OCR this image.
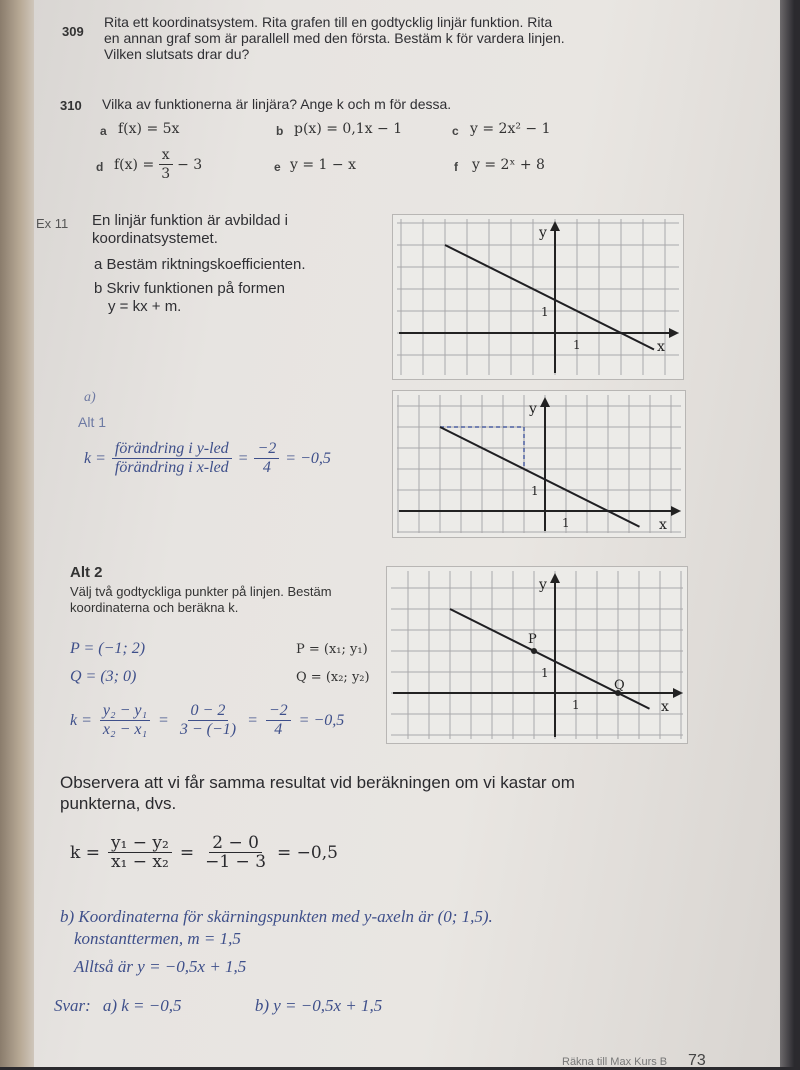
309
Rita ett koordinatsystem. Rita grafen till en godtycklig linjär funktion. Rita
en annan graf som är parallell med den första. Bestäm k för vardera linjen.
Vilken slutsats drar du?
310 Vilka av funktionerna är linjära? Ange k och m för dessa.
a f(x) = 5x	b p(x) = 0,1x − 1	c y = 2x² − 1
d $f(x) = \frac{x}{3} - 3$	e y = 1 − x	f y = 2ˣ + 8
Ex 11 En linjär funktion är avbildad i
koordinatsystemet.
a Bestäm riktningskoefficienten.
b Skriv funktionen på formen
y = kx + m.
y
x
1
1
a)
Alt 1
$k = \frac{\text{förändring i y-led}}{\text{förändring i x-led}} = \frac{-2}{4} = -0,5$
y
x
1
1
Alt 2
Välj två godtyckliga punkter på linjen. Bestäm
koordinaterna och beräkna k.
P = (−1; 2)
Q = (3; 0)
P = (x₁; y₁)
Q = (x₂; y₂)
$k = \frac{\text{y₂ − y₁}}{\text{x₂ − x₁}} = \frac{0 - 2}{3 - (-1)} = \frac{-2}{4} = -0,5$
P
Q
y
x
1
1
Observera att vi får samma resultat vid beräkningen om vi kastar om
punkterna, dvs.
$k = \frac{\text{y₁ − y₂}}{\text{x₁ − x₂}} = \frac{2 - 0}{-1 - 3} = -0,5$
b) Koordinaterna för skärningspunkten med y-axeln är (0; 1,5).
konstanttermen, m = 1,5
Alltså är y = −0,5x + 1,5
Svar: a) k = −0,5	b) y = −0,5x + 1,5
Räkna till Max Kurs B 73
